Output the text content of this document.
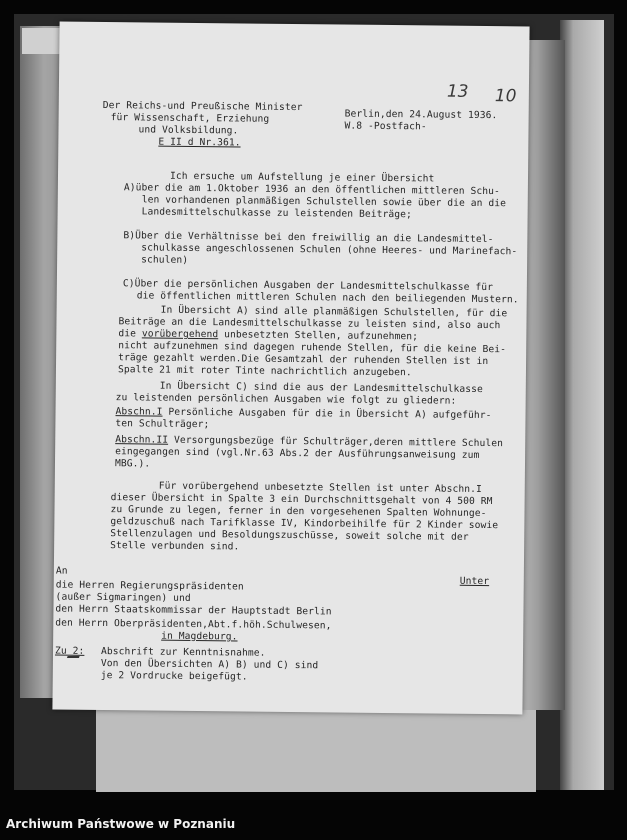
Der Reichs-und Preußische Minister
für Wissenschaft, Erziehung
und Volksbildung.
E II d Nr.361.
Berlin,den 24.August 1936.
W.8 -Postfach-
13 10
Ich ersuche um Aufstellung je einer Übersicht
A)über die am 1.Oktober 1936 an den öffentlichen mittleren Schu-
len vorhandenen planmäßigen Schulstellen sowie über die an die
Landesmittelschulkasse zu leistenden Beiträge;
B)Über die Verhältnisse bei den freiwillig an die Landesmittel-
schulkasse angeschlossenen Schulen (ohne Heeres- und Marinefach-
schulen)
C)Über die persönlichen Ausgaben der Landesmittelschulkasse für
die öffentlichen mittleren Schulen nach den beiliegenden Mustern.
In Übersicht A) sind alle planmäßigen Schulstellen, für die
Beiträge an die Landesmittelschulkasse zu leisten sind, also auch
die vorübergehend unbesetzten Stellen, aufzunehmen;
nicht aufzunehmen sind dagegen ruhende Stellen, für die keine Bei-
träge gezahlt werden.Die Gesamtzahl der ruhenden Stellen ist in
Spalte 21 mit roter Tinte nachrichtlich anzugeben.
In Übersicht C) sind die aus der Landesmittelschulkasse
zu leistenden persönlichen Ausgaben wie folgt zu gliedern:
Abschn.I Persönliche Ausgaben für die in Übersicht A) aufgeführ-
ten Schulträger;
Abschn.II Versorgungsbezüge für Schulträger,deren mittlere Schulen
eingegangen sind (vgl.Nr.63 Abs.2 der Ausführungsanweisung zum
MBG.).
Für vorübergehend unbesetzte Stellen ist unter Abschn.I
dieser Übersicht in Spalte 3 ein Durchschnittsgehalt von 4 500 RM
zu Grunde zu legen, ferner in den vorgesehenen Spalten Wohnunge-
geldzuschuß nach Tarifklasse IV, Kindorbeihilfe für 2 Kinder sowie
Stellenzulagen und Besoldungszuschüsse, soweit solche mit der
Stelle verbunden sind.
An
Unter
die Herren Regierungspräsidenten
(außer Sigmaringen) und
den Herrn Staatskommissar der Hauptstadt Berlin
den Herrn Oberpräsidenten,Abt.f.höh.Schulwesen,
in Magdeburg.
Zu 2: Abschrift zur Kenntnisnahme.
Von den Übersichten A) B) und C) sind
je 2 Vordrucke beigefügt.
Archiwum Państwowe w Poznaniu
